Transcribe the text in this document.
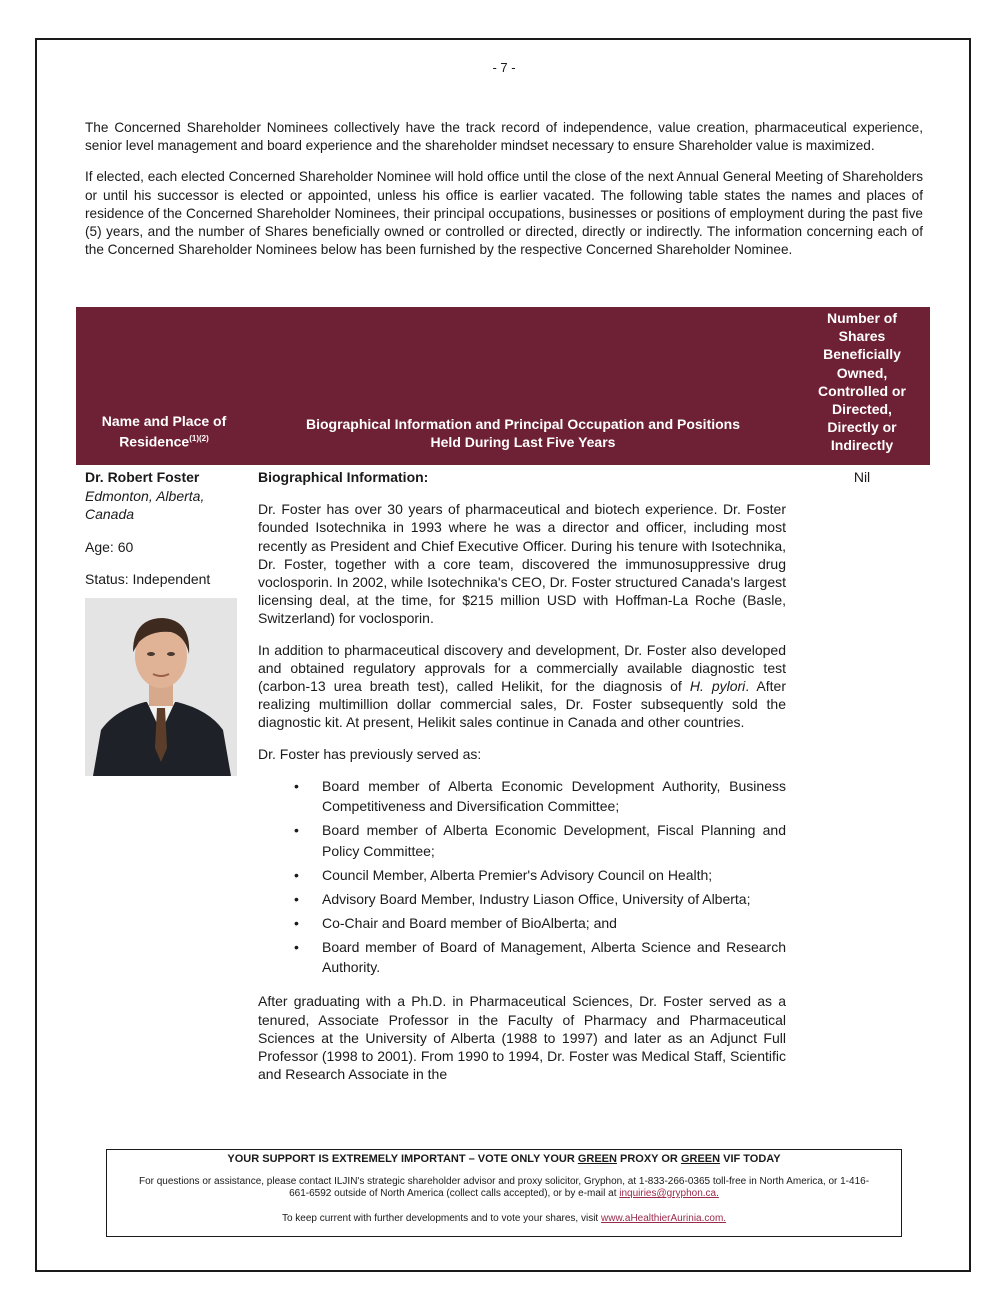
- 7 -

The Concerned Shareholder Nominees collectively have the track record of independence, value creation, pharmaceutical experience, senior level management and board experience and the shareholder mindset necessary to ensure Shareholder value is maximized.

If elected, each elected Concerned Shareholder Nominee will hold office until the close of the next Annual General Meeting of Shareholders or until his successor is elected or appointed, unless his office is earlier vacated. The following table states the names and places of residence of the Concerned Shareholder Nominees, their principal occupations, businesses or positions of employment during the past five (5) years, and the number of Shares beneficially owned or controlled or directed, directly or indirectly. The information concerning each of the Concerned Shareholder Nominees below has been furnished by the respective Concerned Shareholder Nominee.

Name and Place of Residence$^{(1)(2)}$
Biographical Information and Principal Occupation and Positions
Held During Last Five Years
Number of Shares Beneficially Owned, Controlled or Directed, Directly or Indirectly
Dr. Robert Foster
Edmonton, Alberta, Canada
Age: 60
Status: Independent
Biographical Information:

Dr. Foster has over 30 years of pharmaceutical and biotech experience. Dr. Foster founded Isotechnika in 1993 where he was a director and officer, including most recently as President and Chief Executive Officer. During his tenure with Isotechnika, Dr. Foster, together with a core team, discovered the immunosuppressive drug voclosporin. In 2002, while Isotechnika's CEO, Dr. Foster structured Canada's largest licensing deal, at the time, for $215 million USD with Hoffman-La Roche (Basle, Switzerland) for voclosporin.

In addition to pharmaceutical discovery and development, Dr. Foster also developed and obtained regulatory approvals for a commercially available diagnostic test (carbon-13 urea breath test), called Helikit, for the diagnosis of H. pylori. After realizing multimillion dollar commercial sales, Dr. Foster subsequently sold the diagnostic kit. At present, Helikit sales continue in Canada and other countries.

Dr. Foster has previously served as:

• Board member of Alberta Economic Development Authority, Business Competitiveness and Diversification Committee;
• Board member of Alberta Economic Development, Fiscal Planning and Policy Committee;
• Council Member, Alberta Premier's Advisory Council on Health;
• Advisory Board Member, Industry Liason Office, University of Alberta;
• Co-Chair and Board member of BioAlberta; and
• Board member of Board of Management, Alberta Science and Research Authority.

After graduating with a Ph.D. in Pharmaceutical Sciences, Dr. Foster served as a tenured, Associate Professor in the Faculty of Pharmacy and Pharmaceutical Sciences at the University of Alberta (1988 to 1997) and later as an Adjunct Full Professor (1998 to 2001). From 1990 to 1994, Dr. Foster was Medical Staff, Scientific and Research Associate in the

Nil
YOUR SUPPORT IS EXTREMELY IMPORTANT – VOTE ONLY YOUR GREEN PROXY OR GREEN VIF TODAY
For questions or assistance, please contact ILJIN's strategic shareholder advisor and proxy solicitor, Gryphon, at 1-833-266-0365 toll-free in North America, or 1-416-661-6592 outside of North America (collect calls accepted), or by e-mail at inquiries@gryphon.ca.
To keep current with further developments and to vote your shares, visit www.aHealthierAurinia.com.
